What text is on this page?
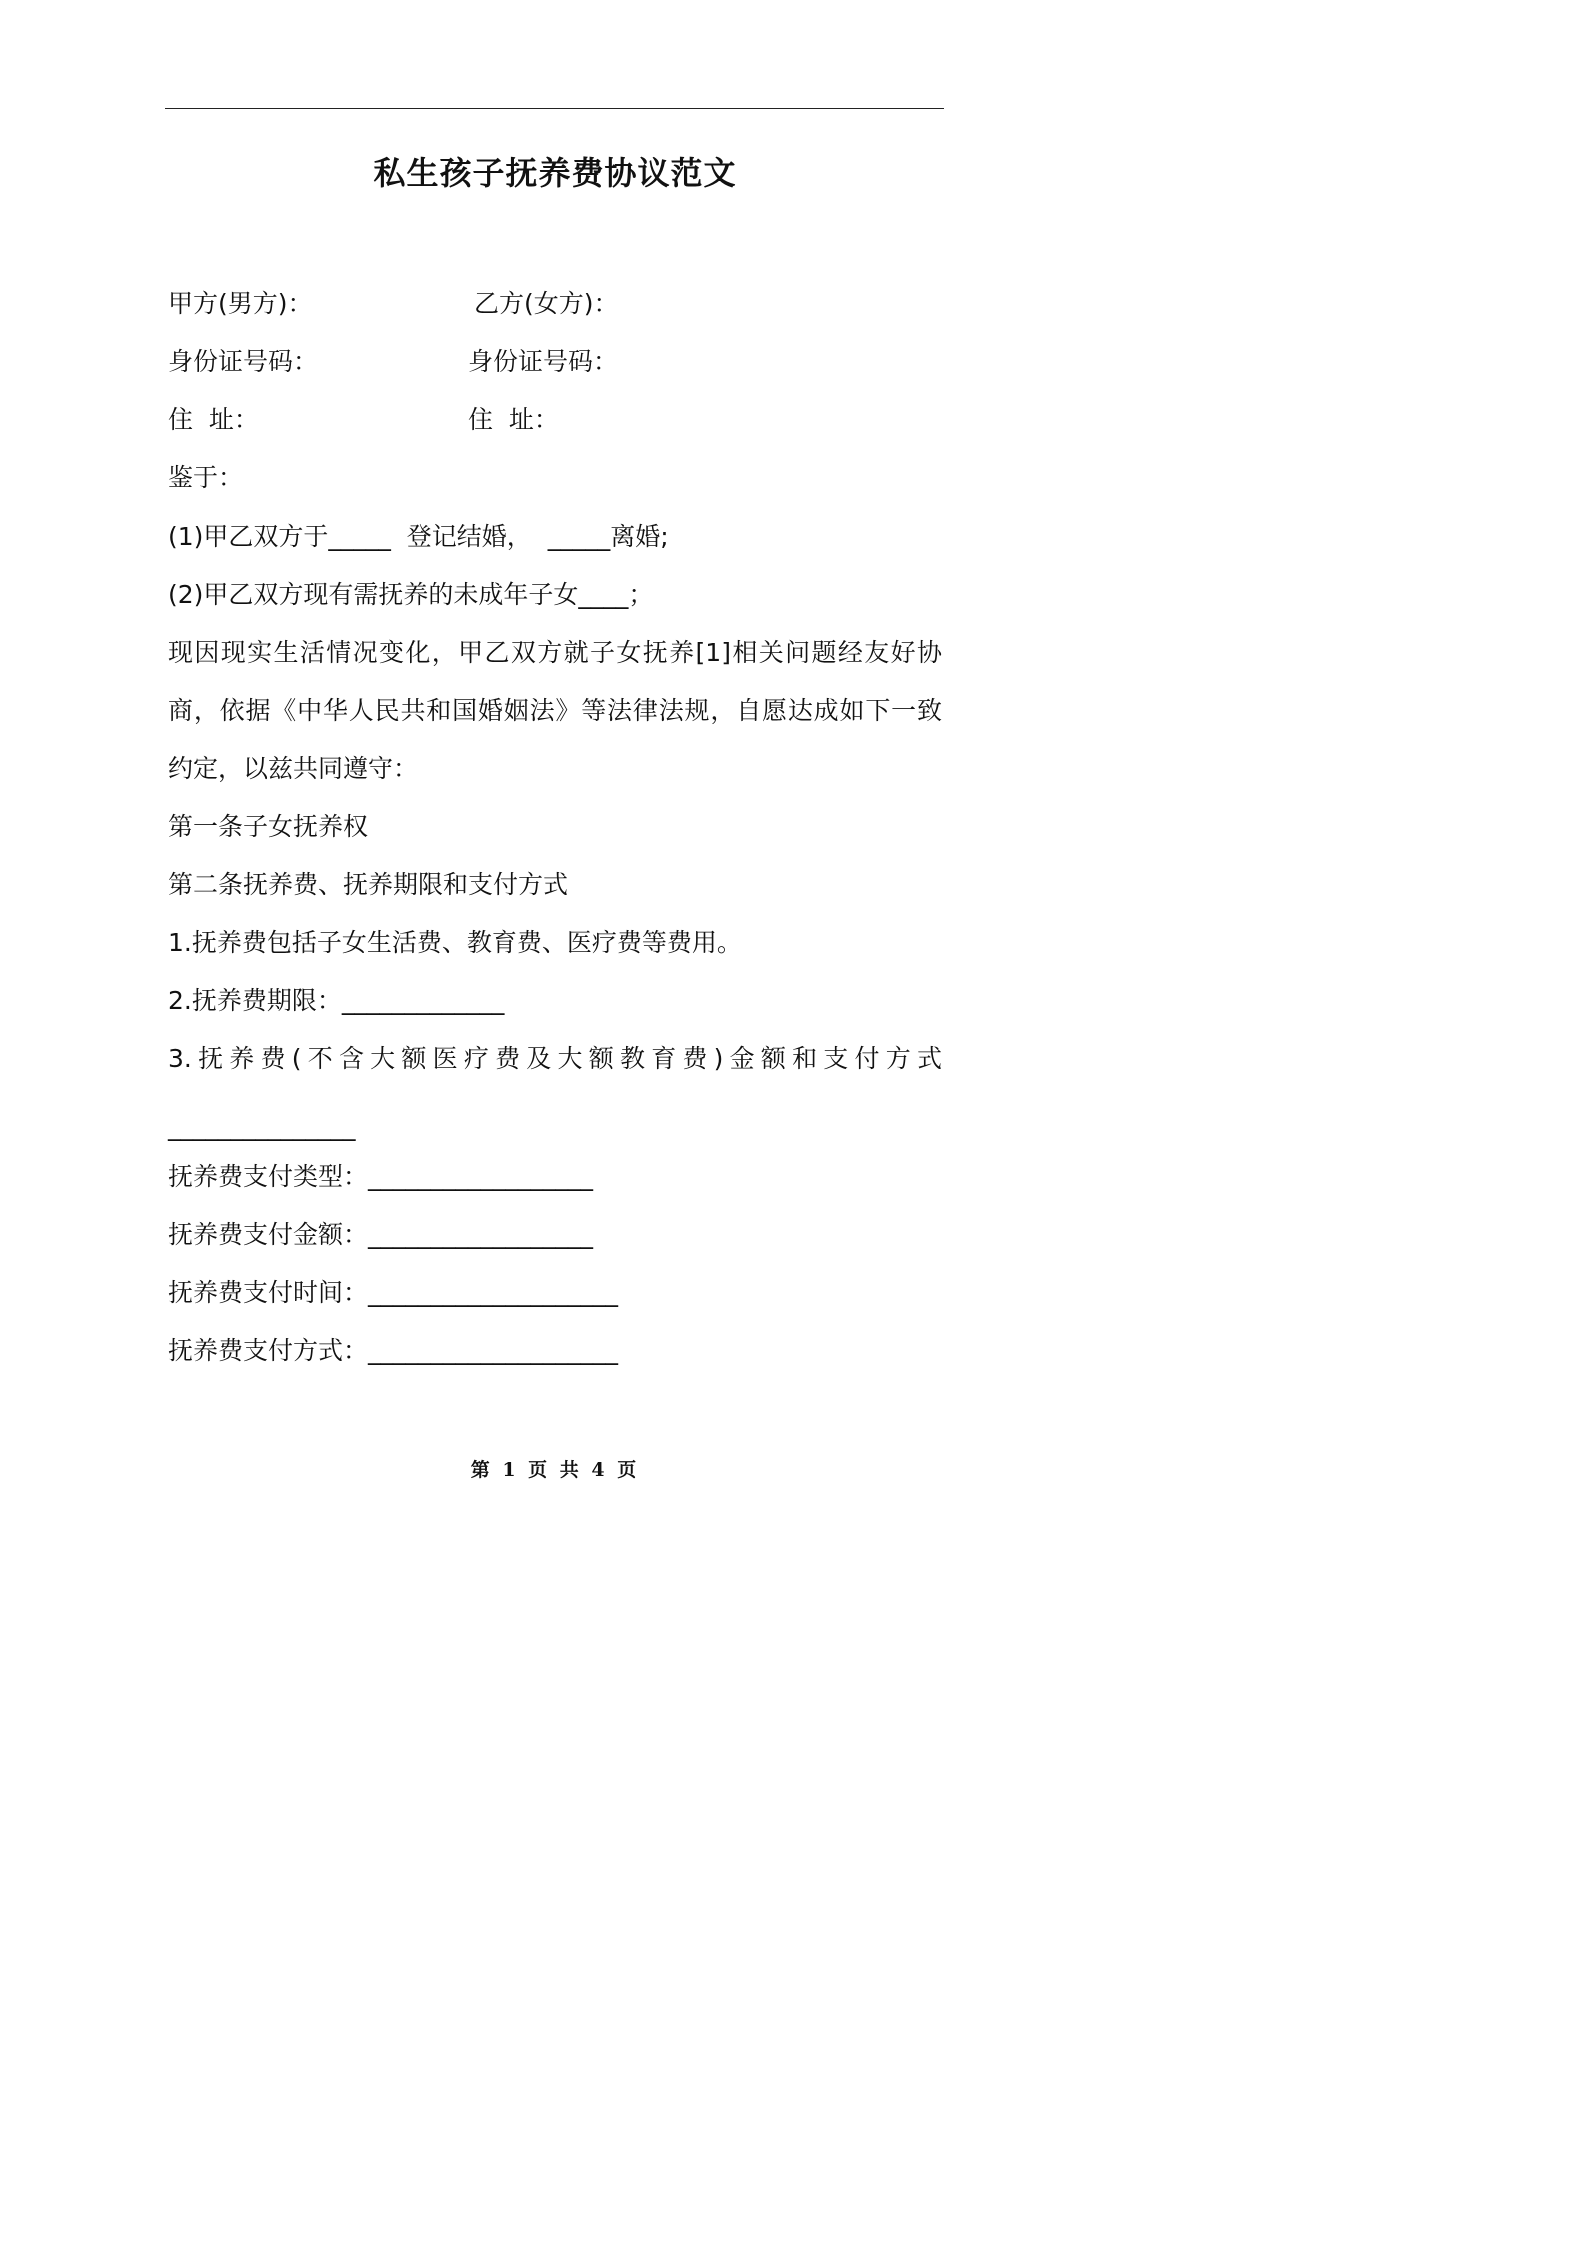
私生孩子抚养费协议范文
甲方(男方)：	乙方(女方)：
身份证号码：	身份证号码：
住  址：	住  址：
鉴于：
(1)甲乙双方于_____  登记结婚，  _____离婚;
(2)甲乙双方现有需抚养的未成年子女____；
现因现实生活情况变化，甲乙双方就子女抚养[1]相关问题经友好协
商，依据《中华人民共和国婚姻法》等法律法规，自愿达成如下一致
约定，以兹共同遵守：
第一条子女抚养权
第二条抚养费、抚养期限和支付方式
1.抚养费包括子女生活费、教育费、医疗费等费用。
2.抚养费期限：_____________
3.抚养费(不含大额医疗费及大额教育费)金额和支付方式
_______________
抚养费支付类型：__________________
抚养费支付金额：__________________
抚养费支付时间：____________________
抚养费支付方式：____________________
第 1 页 共 4 页
